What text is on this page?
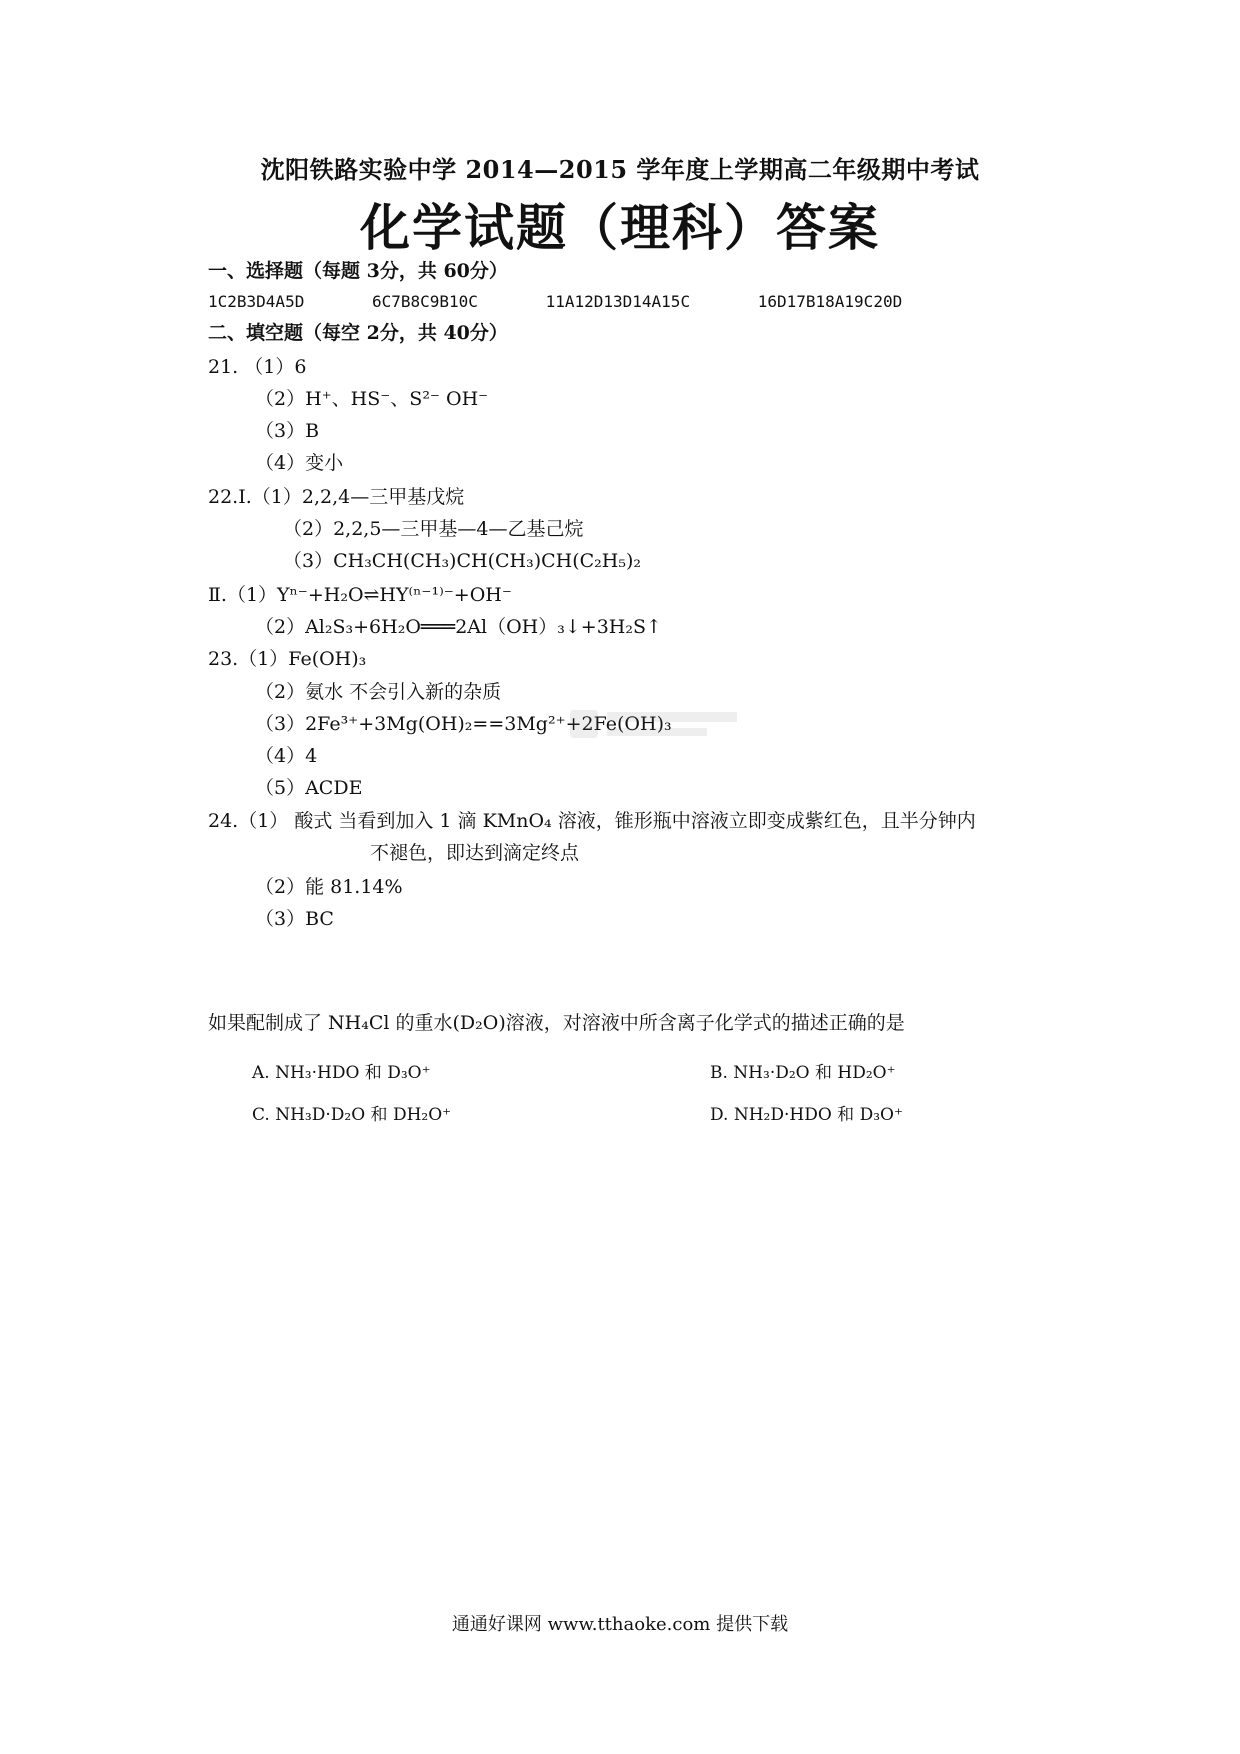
沈阳铁路实验中学 2014—2015 学年度上学期高二年级期中考试
化学试题（理科）答案
一、选择题（每题 3分，共 60分）
1C2B3D4A5D	6C7B8C9B10C	11A12D13D14A15C	16D17B18A19C20D
二、填空题（每空 2分，共 40分）
21. （1）6
（2）H⁺、HS⁻、S²⁻ OH⁻
（3）B
（4）变小
22.Ⅰ.（1）2,2,4—三甲基戊烷
（2）2,2,5—三甲基—4—乙基己烷
（3）CH₃CH(CH₃)CH(CH₃)CH(C₂H₅)₂
Ⅱ.（1）Yⁿ⁻+H₂O⇌HY⁽ⁿ⁻¹⁾⁻+OH⁻
（2）Al₂S₃+6H₂O═══2Al（OH）₃↓+3H₂S↑
23.（1）Fe(OH)₃
（2）氨水 不会引入新的杂质
（3）2Fe³⁺+3Mg(OH)₂==3Mg²⁺+2Fe(OH)₃
（4）4
（5）ACDE
24.（1） 酸式 当看到加入 1 滴 KMnO₄ 溶液，锥形瓶中溶液立即变成紫红色，且半分钟内
不褪色，即达到滴定终点
（2）能 81.14%
（3）BC
如果配制成了 NH₄Cl 的重水(D₂O)溶液，对溶液中所含离子化学式的描述正确的是
A. NH₃·HDO 和 D₃O⁺	B. NH₃·D₂O 和 HD₂O⁺
C. NH₃D·D₂O 和 DH₂O⁺	D. NH₂D·HDO 和 D₃O⁺
通通好课网 www.tthaoke.com 提供下载
